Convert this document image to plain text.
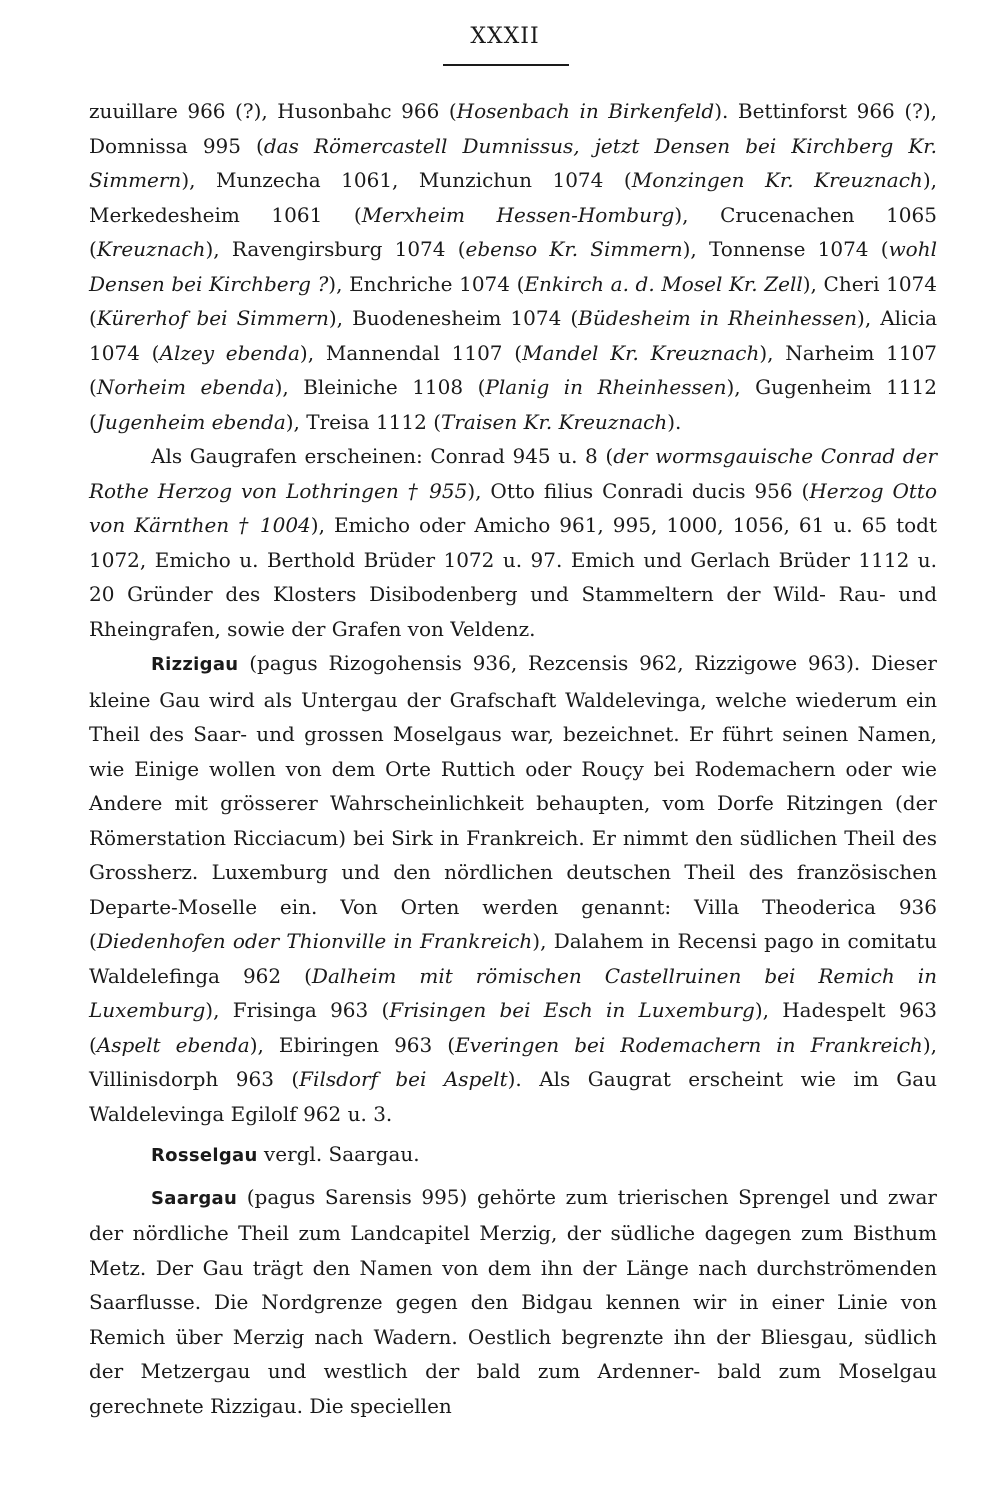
XXXII

zuuillare 966 (?), Husonbahc 966 (Hosenbach in Birkenfeld). Bettinforst 966 (?), Domnissa 995 (das Römercastell Dumnissus, jetzt Densen bei Kirchberg Kr. Simmern), Munzecha 1061, Munzichun 1074 (Monzingen Kr. Kreuznach), Merkedesheim 1061 (Merxheim Hessen-Homburg), Crucenachen 1065 (Kreuznach), Ravengirsburg 1074 (ebenso Kr. Simmern), Tonnense 1074 (wohl Densen bei Kirchberg ?), Enchriche 1074 (Enkirch a. d. Mosel Kr. Zell), Cheri 1074 (Kürerhof bei Simmern), Buodenesheim 1074 (Büdesheim in Rheinhessen), Alicia 1074 (Alzey ebenda), Mannendal 1107 (Mandel Kr. Kreuznach), Narheim 1107 (Norheim ebenda), Bleiniche 1108 (Planig in Rheinhessen), Gugenheim 1112 (Jugenheim ebenda), Treisa 1112 (Traisen Kr. Kreuznach).

Als Gaugrafen erscheinen: Conrad 945 u. 8 (der wormsgauische Conrad der Rothe Herzog von Lothringen † 955), Otto filius Conradi ducis 956 (Herzog Otto von Kärnthen † 1004), Emicho oder Amicho 961, 995, 1000, 1056, 61 u. 65 todt 1072, Emicho u. Berthold Brüder 1072 u. 97. Emich und Gerlach Brüder 1112 u. 20 Gründer des Klosters Disibodenberg und Stammeltern der Wild- Rau- und Rheingrafen, sowie der Grafen von Veldenz.

Rizzigau (pagus Rizogohensis 936, Rezcensis 962, Rizzigowe 963). Dieser kleine Gau wird als Untergau der Grafschaft Waldelevinga, welche wiederum ein Theil des Saar- und grossen Moselgaus war, bezeichnet. Er führt seinen Namen, wie Einige wollen von dem Orte Ruttich oder Rouçy bei Rodemachern oder wie Andere mit grösserer Wahrscheinlichkeit behaupten, vom Dorfe Ritzingen (der Römerstation Ricciacum) bei Sirk in Frankreich. Er nimmt den südlichen Theil des Grossherz. Luxemburg und den nördlichen deutschen Theil des französischen Departe-Moselle ein. Von Orten werden genannt: Villa Theoderica 936 (Diedenhofen oder Thionville in Frankreich), Dalahem in Recensi pago in comitatu Waldelefinga 962 (Dalheim mit römischen Castellruinen bei Remich in Luxemburg), Frisinga 963 (Frisingen bei Esch in Luxemburg), Hadespelt 963 (Aspelt ebenda), Ebiringen 963 (Everingen bei Rodemachern in Frankreich), Villinisdorph 963 (Filsdorf bei Aspelt). Als Gaugrat erscheint wie im Gau Waldelevinga Egilolf 962 u. 3.

Rosselgau vergl. Saargau.

Saargau (pagus Sarensis 995) gehörte zum trierischen Sprengel und zwar der nördliche Theil zum Landcapitel Merzig, der südliche dagegen zum Bisthum Metz. Der Gau trägt den Namen von dem ihn der Länge nach durchströmenden Saarflusse. Die Nordgrenze gegen den Bidgau kennen wir in einer Linie von Remich über Merzig nach Wadern. Oestlich begrenzte ihn der Bliesgau, südlich der Metzergau und westlich der bald zum Ardenner- bald zum Moselgau gerechnete Rizzigau. Die speciellen
